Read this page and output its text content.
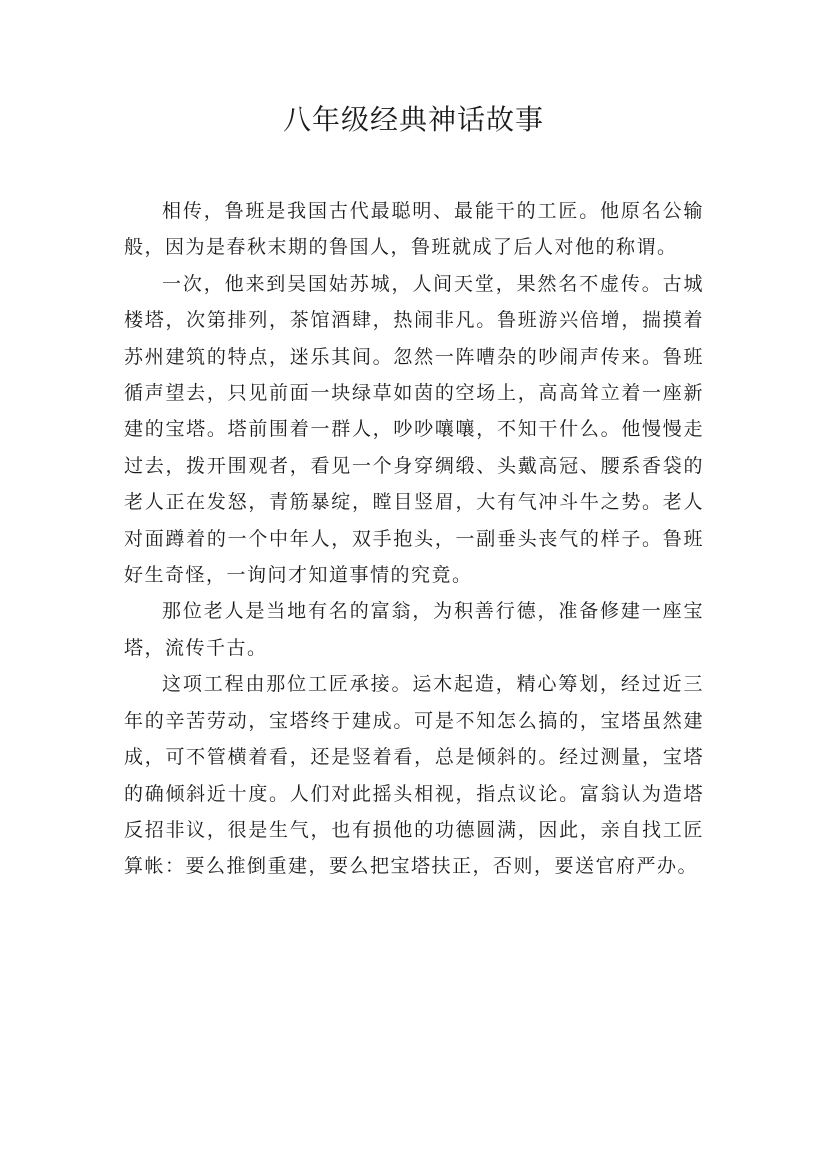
八年级经典神话故事

相传，鲁班是我国古代最聪明、最能干的工匠。他原名公输般，因为是春秋末期的鲁国人，鲁班就成了后人对他的称谓。

一次，他来到吴国姑苏城，人间天堂，果然名不虚传。古城楼塔，次第排列，茶馆酒肆，热闹非凡。鲁班游兴倍增，揣摸着苏州建筑的特点，迷乐其间。忽然一阵嘈杂的吵闹声传来。鲁班循声望去，只见前面一块绿草如茵的空场上，高高耸立着一座新建的宝塔。塔前围着一群人，吵吵嚷嚷，不知干什么。他慢慢走过去，拨开围观者，看见一个身穿绸缎、头戴高冠、腰系香袋的老人正在发怒，青筋暴绽，瞠目竖眉，大有气冲斗牛之势。老人对面蹲着的一个中年人，双手抱头，一副垂头丧气的样子。鲁班好生奇怪，一询问才知道事情的究竟。

那位老人是当地有名的富翁，为积善行德，准备修建一座宝塔，流传千古。

这项工程由那位工匠承接。运木起造，精心筹划，经过近三年的辛苦劳动，宝塔终于建成。可是不知怎么搞的，宝塔虽然建成，可不管横着看，还是竖着看，总是倾斜的。经过测量，宝塔的确倾斜近十度。人们对此摇头相视，指点议论。富翁认为造塔反招非议，很是生气，也有损他的功德圆满，因此，亲自找工匠算帐：要么推倒重建，要么把宝塔扶正，否则，要送官府严办。
